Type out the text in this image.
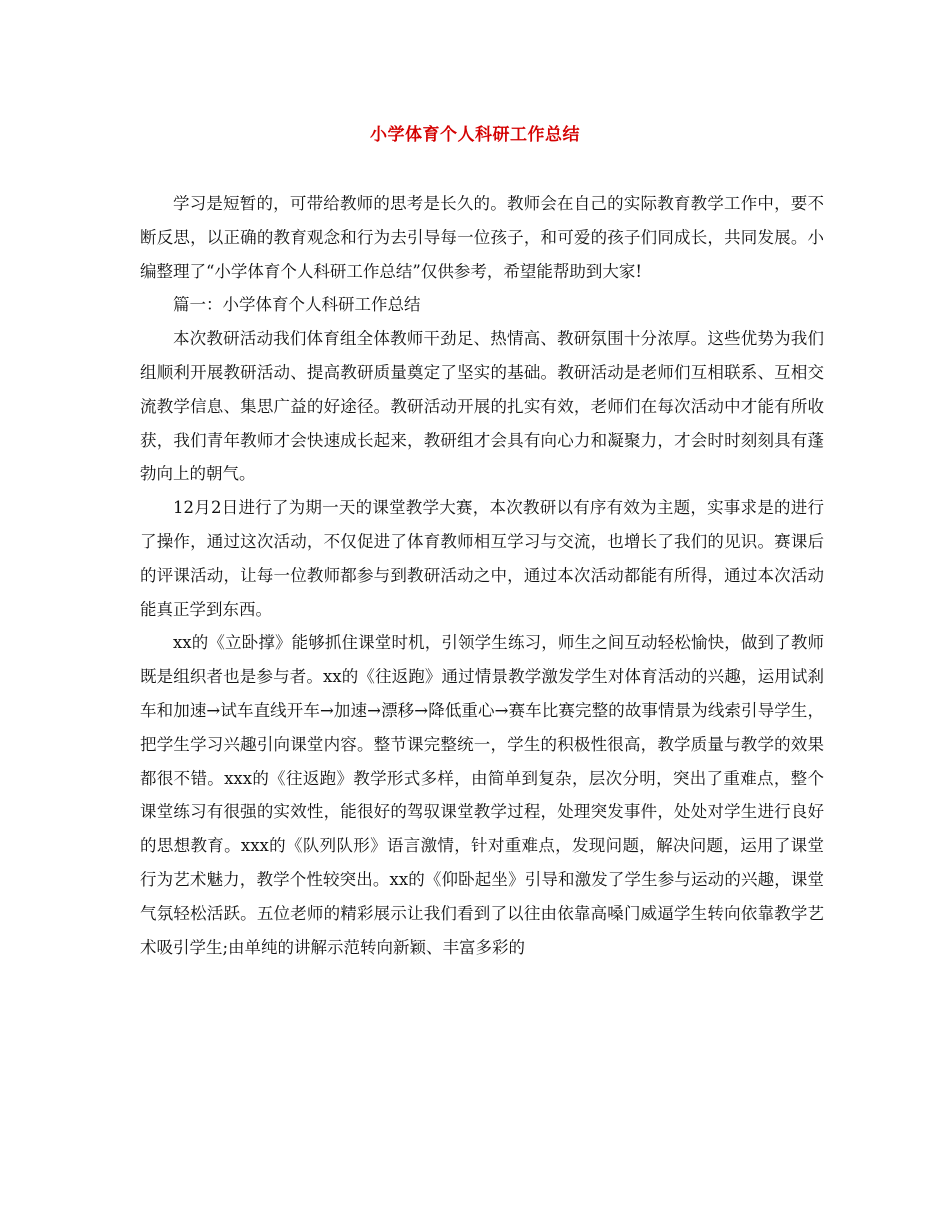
小学体育个人科研工作总结

学习是短暂的，可带给教师的思考是长久的。教师会在自己的实际教育教学工作中，要不断反思，以正确的教育观念和行为去引导每一位孩子，和可爱的孩子们同成长，共同发展。小编整理了“小学体育个人科研工作总结”仅供参考，希望能帮助到大家!

篇一：小学体育个人科研工作总结

本次教研活动我们体育组全体教师干劲足、热情高、教研氛围十分浓厚。这些优势为我们组顺利开展教研活动、提高教研质量奠定了坚实的基础。教研活动是老师们互相联系、互相交流教学信息、集思广益的好途径。教研活动开展的扎实有效，老师们在每次活动中才能有所收获，我们青年教师才会快速成长起来，教研组才会具有向心力和凝聚力，才会时时刻刻具有蓬勃向上的朝气。

12月2日进行了为期一天的课堂教学大赛，本次教研以有序有效为主题，实事求是的进行了操作，通过这次活动，不仅促进了体育教师相互学习与交流，也增长了我们的见识。赛课后的评课活动，让每一位教师都参与到教研活动之中，通过本次活动都能有所得，通过本次活动能真正学到东西。

xx的《立卧撑》能够抓住课堂时机，引领学生练习，师生之间互动轻松愉快，做到了教师既是组织者也是参与者。xx的《往返跑》通过情景教学激发学生对体育活动的兴趣，运用试刹车和加速→试车直线开车→加速→漂移→降低重心→赛车比赛完整的故事情景为线索引导学生，把学生学习兴趣引向课堂内容。整节课完整统一，学生的积极性很高，教学质量与教学的效果都很不错。xxx的《往返跑》教学形式多样，由简单到复杂，层次分明，突出了重难点，整个课堂练习有很强的实效性，能很好的驾驭课堂教学过程，处理突发事件，处处对学生进行良好的思想教育。xxx的《队列队形》语言激情，针对重难点，发现问题，解决问题，运用了课堂行为艺术魅力，教学个性较突出。xx的《仰卧起坐》引导和激发了学生参与运动的兴趣，课堂气氛轻松活跃。五位老师的精彩展示让我们看到了以往由依靠高嗓门威逼学生转向依靠教学艺术吸引学生;由单纯的讲解示范转向新颖、丰富多彩的
